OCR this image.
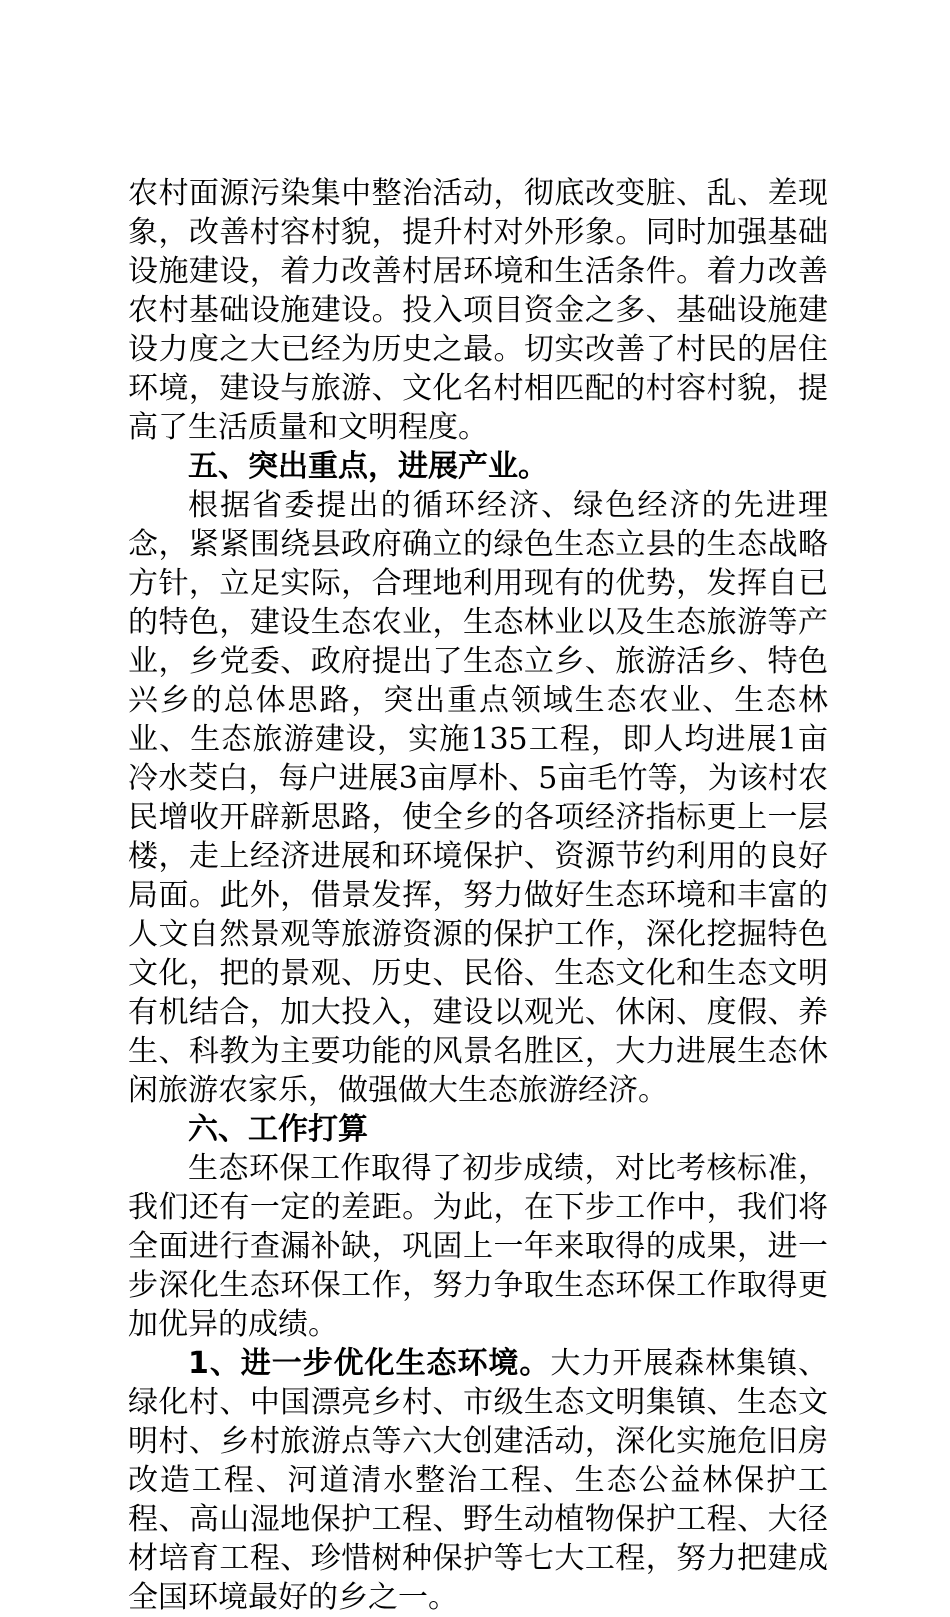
农村面源污染集中整治活动，彻底改变脏、乱、差现象，改善村容村貌，提升村对外形象。同时加强基础设施建设，着力改善村居环境和生活条件。着力改善农村基础设施建设。投入项目资金之多、基础设施建设力度之大已经为历史之最。切实改善了村民的居住环境，建设与旅游、文化名村相匹配的村容村貌，提高了生活质量和文明程度。

五、突出重点，进展产业。

根据省委提出的循环经济、绿色经济的先进理念，紧紧围绕县政府确立的绿色生态立县的生态战略方针，立足实际，合理地利用现有的优势，发挥自已的特色，建设生态农业，生态林业以及生态旅游等产业，乡党委、政府提出了生态立乡、旅游活乡、特色兴乡的总体思路，突出重点领域生态农业、生态林业、生态旅游建设，实施135工程，即人均进展1亩冷水茭白，每户进展3亩厚朴、5亩毛竹等，为该村农民增收开辟新思路，使全乡的各项经济指标更上一层楼，走上经济进展和环境保护、资源节约利用的良好局面。此外，借景发挥，努力做好生态环境和丰富的人文自然景观等旅游资源的保护工作，深化挖掘特色文化，把的景观、历史、民俗、生态文化和生态文明有机结合，加大投入，建设以观光、休闲、度假、养生、科教为主要功能的风景名胜区，大力进展生态休闲旅游农家乐，做强做大生态旅游经济。

六、工作打算

生态环保工作取得了初步成绩，对比考核标准，我们还有一定的差距。为此，在下步工作中，我们将全面进行查漏补缺，巩固上一年来取得的成果，进一步深化生态环保工作，努力争取生态环保工作取得更加优异的成绩。

1、进一步优化生态环境。大力开展森林集镇、绿化村、中国漂亮乡村、市级生态文明集镇、生态文明村、乡村旅游点等六大创建活动，深化实施危旧房改造工程、河道清水整治工程、生态公益林保护工程、高山湿地保护工程、野生动植物保护工程、大径材培育工程、珍惜树种保护等七大工程，努力把建成全国环境最好的乡之一。
